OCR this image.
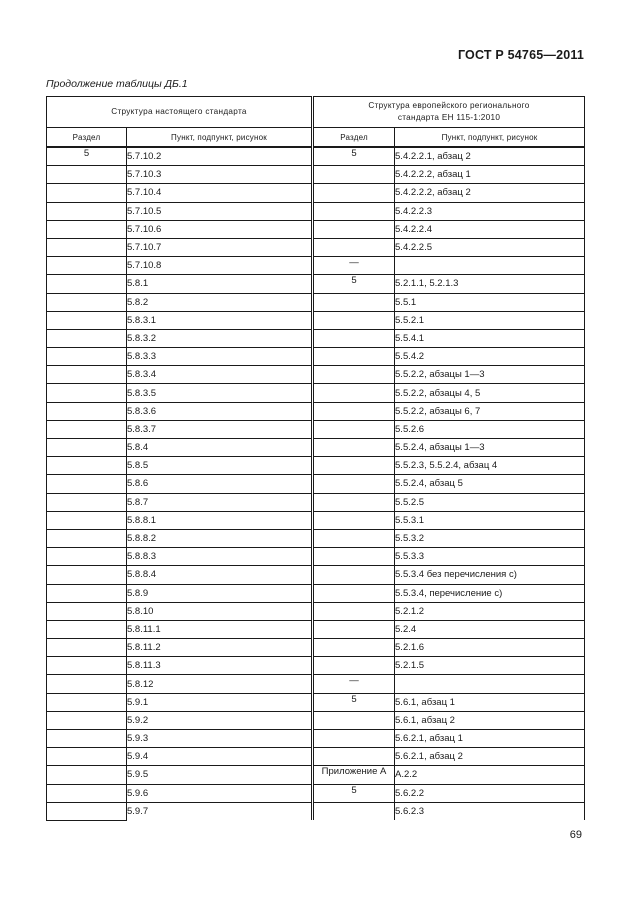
ГОСТ Р 54765—2011
Продолжение таблицы ДБ.1
Структура настоящего стандарта		Структура европейского регионального
стандарта ЕН 115-1:2010	

Раздел	Пункт, подпункт, рисунок	Раздел	Пункт, подпункт, рисунок
5	5.7.10.2	5	5.4.2.2.1, абзац 2
	5.7.10.3		5.4.2.2.2, абзац 1
	5.7.10.4		5.4.2.2.2, абзац 2
	5.7.10.5		5.4.2.2.3
	5.7.10.6		5.4.2.2.4
	5.7.10.7		5.4.2.2.5
	5.7.10.8	—	
	5.8.1	5	5.2.1.1, 5.2.1.3
	5.8.2		5.5.1
	5.8.3.1		5.5.2.1
	5.8.3.2		5.5.4.1
	5.8.3.3		5.5.4.2
	5.8.3.4		5.5.2.2, абзацы 1—3
	5.8.3.5		5.5.2.2, абзацы 4, 5
	5.8.3.6		5.5.2.2, абзацы 6, 7
	5.8.3.7		5.5.2.6
	5.8.4		5.5.2.4, абзацы 1—3
	5.8.5		5.5.2.3, 5.5.2.4, абзац 4
	5.8.6		5.5.2.4, абзац 5
	5.8.7		5.5.2.5
	5.8.8.1		5.5.3.1
	5.8.8.2		5.5.3.2
	5.8.8.3		5.5.3.3
	5.8.8.4		5.5.3.4 без перечисления с)
	5.8.9		5.5.3.4, перечисление с)
	5.8.10		5.2.1.2
	5.8.11.1		5.2.4
	5.8.11.2		5.2.1.6
	5.8.11.3		5.2.1.5
	5.8.12	—	
	5.9.1	5	5.6.1, абзац 1
	5.9.2		5.6.1, абзац 2
	5.9.3		5.6.2.1, абзац 1
	5.9.4		5.6.2.1, абзац 2
	5.9.5	Приложение А	А.2.2
	5.9.6	5	5.6.2.2
	5.9.7		5.6.2.3
69
